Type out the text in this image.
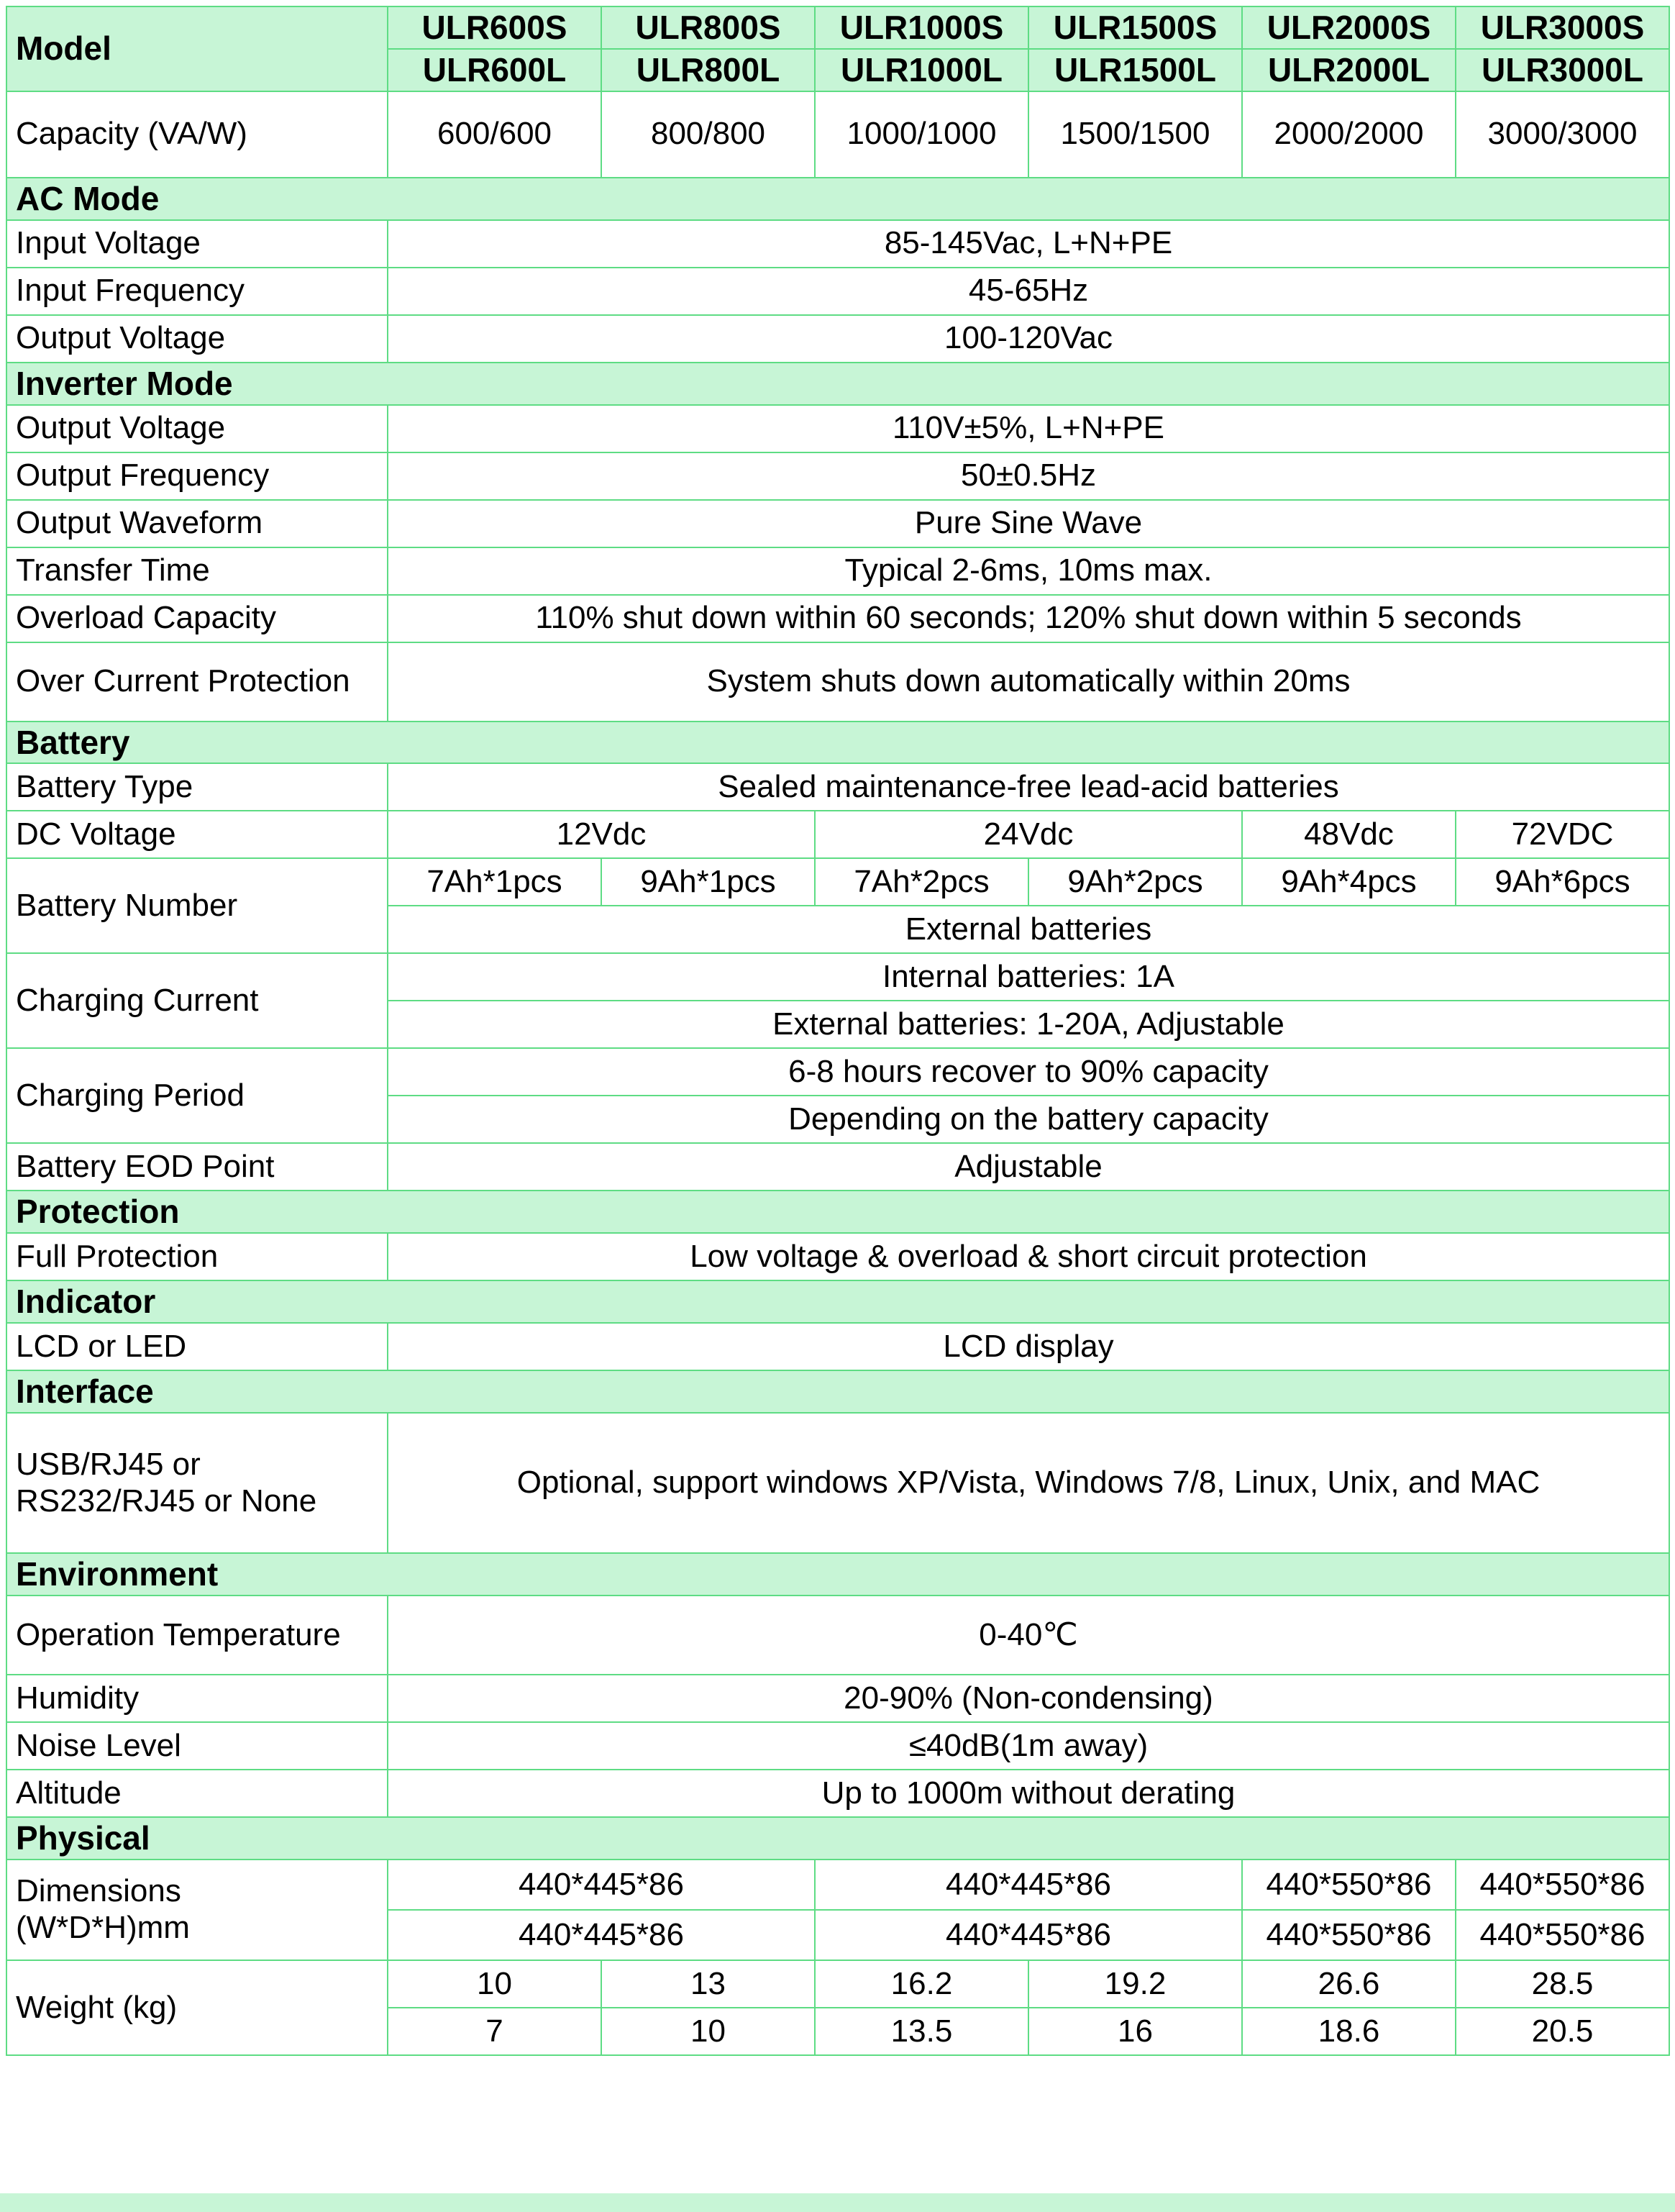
Model	ULR600S	ULR800S	ULR1000S	ULR1500S	ULR2000S	ULR3000S
	ULR600L	ULR800L	ULR1000L	ULR1500L	ULR2000L	ULR3000L
Capacity (VA/W)	600/600	800/800	1000/1000	1500/1500	2000/2000	3000/3000
AC Mode						
Input Voltage	85-145Vac, L+N+PE					
Input Frequency	45-65Hz					
Output Voltage	100-120Vac					
Inverter Mode						
Output Voltage	110V±5%, L+N+PE					
Output Frequency	50±0.5Hz					
Output Waveform	Pure Sine Wave					
Transfer Time	Typical 2-6ms, 10ms max.					
Overload Capacity	110% shut down within 60 seconds; 120% shut down within 5 seconds					
Over Current Protection	System shuts down automatically within 20ms					
Battery						
Battery Type	Sealed maintenance-free lead-acid batteries					
DC Voltage	12Vdc		24Vdc		48Vdc	72VDC
Battery Number	7Ah*1pcs	9Ah*1pcs	7Ah*2pcs	9Ah*2pcs	9Ah*4pcs	9Ah*6pcs
	External batteries					
Charging Current	Internal batteries: 1A					
	External batteries: 1-20A, Adjustable					
Charging Period	6-8 hours recover to 90% capacity					
	Depending on the battery capacity					
Battery EOD Point	Adjustable					
Protection						
Full Protection	Low voltage & overload & short circuit protection					
Indicator						
LCD or LED	LCD display					
Interface						

USB/RJ45 or
RS232/RJ45 or None	Optional, support windows XP/Vista, Windows 7/8, Linux, Unix, and MAC					
Environment						
Operation Temperature	0-40℃					
Humidity	20-90% (Non-condensing)					
Noise Level	≤40dB(1m away)					
Altitude	Up to 1000m without derating					
Physical						

Dimensions
(W*D*H)mm	440*445*86		440*445*86		440*550*86	440*550*86
	440*445*86		440*445*86		440*550*86	440*550*86
Weight (kg)	10	13	16.2	19.2	26.6	28.5
	7	10	13.5	16	18.6	20.5
